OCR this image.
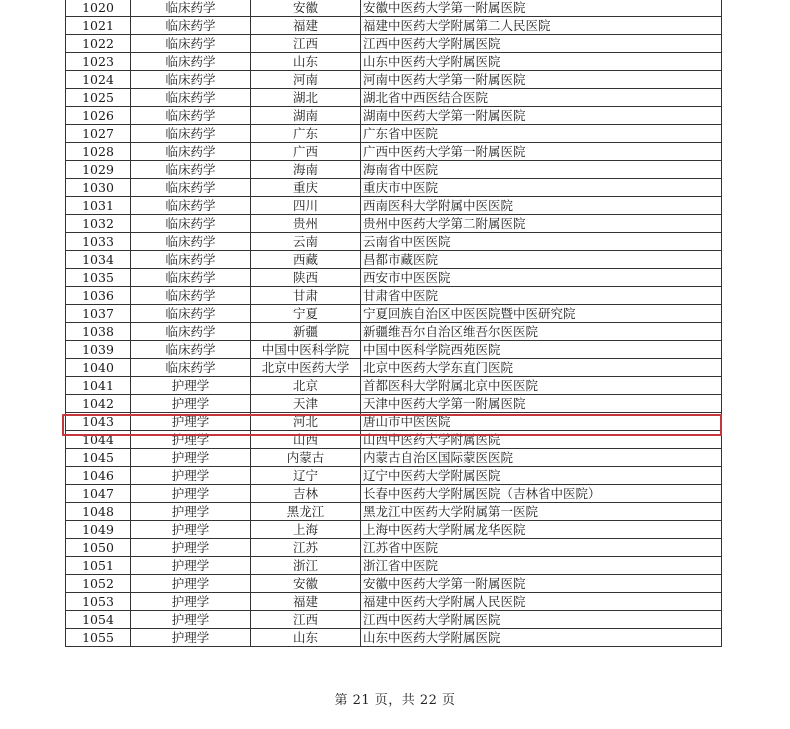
1020	临床药学	安徽	安徽中医药大学第一附属医院
1021	临床药学	福建	福建中医药大学附属第二人民医院
1022	临床药学	江西	江西中医药大学附属医院
1023	临床药学	山东	山东中医药大学附属医院
1024	临床药学	河南	河南中医药大学第一附属医院
1025	临床药学	湖北	湖北省中西医结合医院
1026	临床药学	湖南	湖南中医药大学第一附属医院
1027	临床药学	广东	广东省中医院
1028	临床药学	广西	广西中医药大学第一附属医院
1029	临床药学	海南	海南省中医院
1030	临床药学	重庆	重庆市中医院
1031	临床药学	四川	西南医科大学附属中医医院
1032	临床药学	贵州	贵州中医药大学第二附属医院
1033	临床药学	云南	云南省中医医院
1034	临床药学	西藏	昌都市藏医院
1035	临床药学	陕西	西安市中医医院
1036	临床药学	甘肃	甘肃省中医院
1037	临床药学	宁夏	宁夏回族自治区中医医院暨中医研究院
1038	临床药学	新疆	新疆维吾尔自治区维吾尔医医院
1039	临床药学	中国中医科学院	中国中医科学院西苑医院
1040	临床药学	北京中医药大学	北京中医药大学东直门医院
1041	护理学	北京	首都医科大学附属北京中医医院
1042	护理学	天津	天津中医药大学第一附属医院
1043	护理学	河北	唐山市中医医院
1044	护理学	山西	山西中医药大学附属医院
1045	护理学	内蒙古	内蒙古自治区国际蒙医医院
1046	护理学	辽宁	辽宁中医药大学附属医院
1047	护理学	吉林	长春中医药大学附属医院（吉林省中医院）
1048	护理学	黑龙江	黑龙江中医药大学附属第一医院
1049	护理学	上海	上海中医药大学附属龙华医院
1050	护理学	江苏	江苏省中医院
1051	护理学	浙江	浙江省中医院
1052	护理学	安徽	安徽中医药大学第一附属医院
1053	护理学	福建	福建中医药大学附属人民医院
1054	护理学	江西	江西中医药大学附属医院
1055	护理学	山东	山东中医药大学附属医院
第 21 页，共 22 页
